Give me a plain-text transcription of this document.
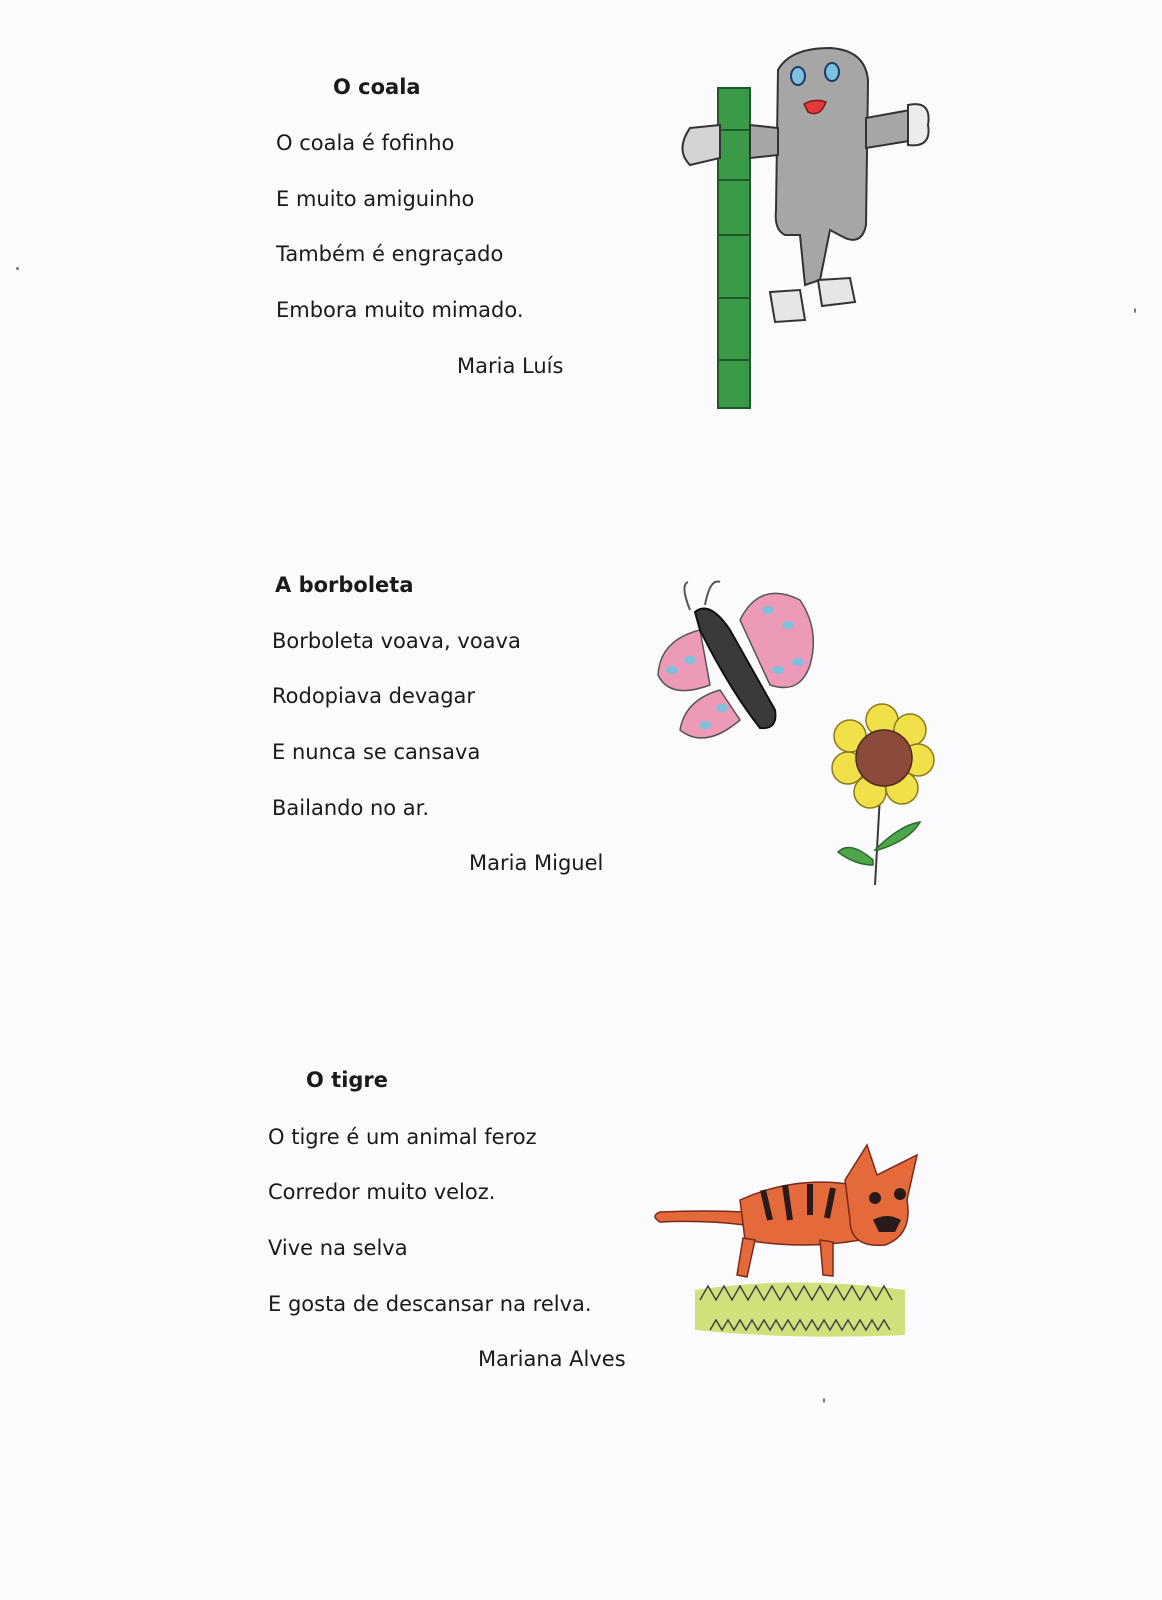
O coala
O coala é fofinho
E muito amiguinho
Também é engraçado
Embora muito mimado.
Maria Luís
A borboleta
Borboleta voava, voava
Rodopiava devagar
E nunca se cansava
Bailando no ar.
Maria Miguel
O tigre
O tigre é um animal feroz
Corredor muito veloz.
Vive na selva
E gosta de descansar na relva.
Mariana Alves
